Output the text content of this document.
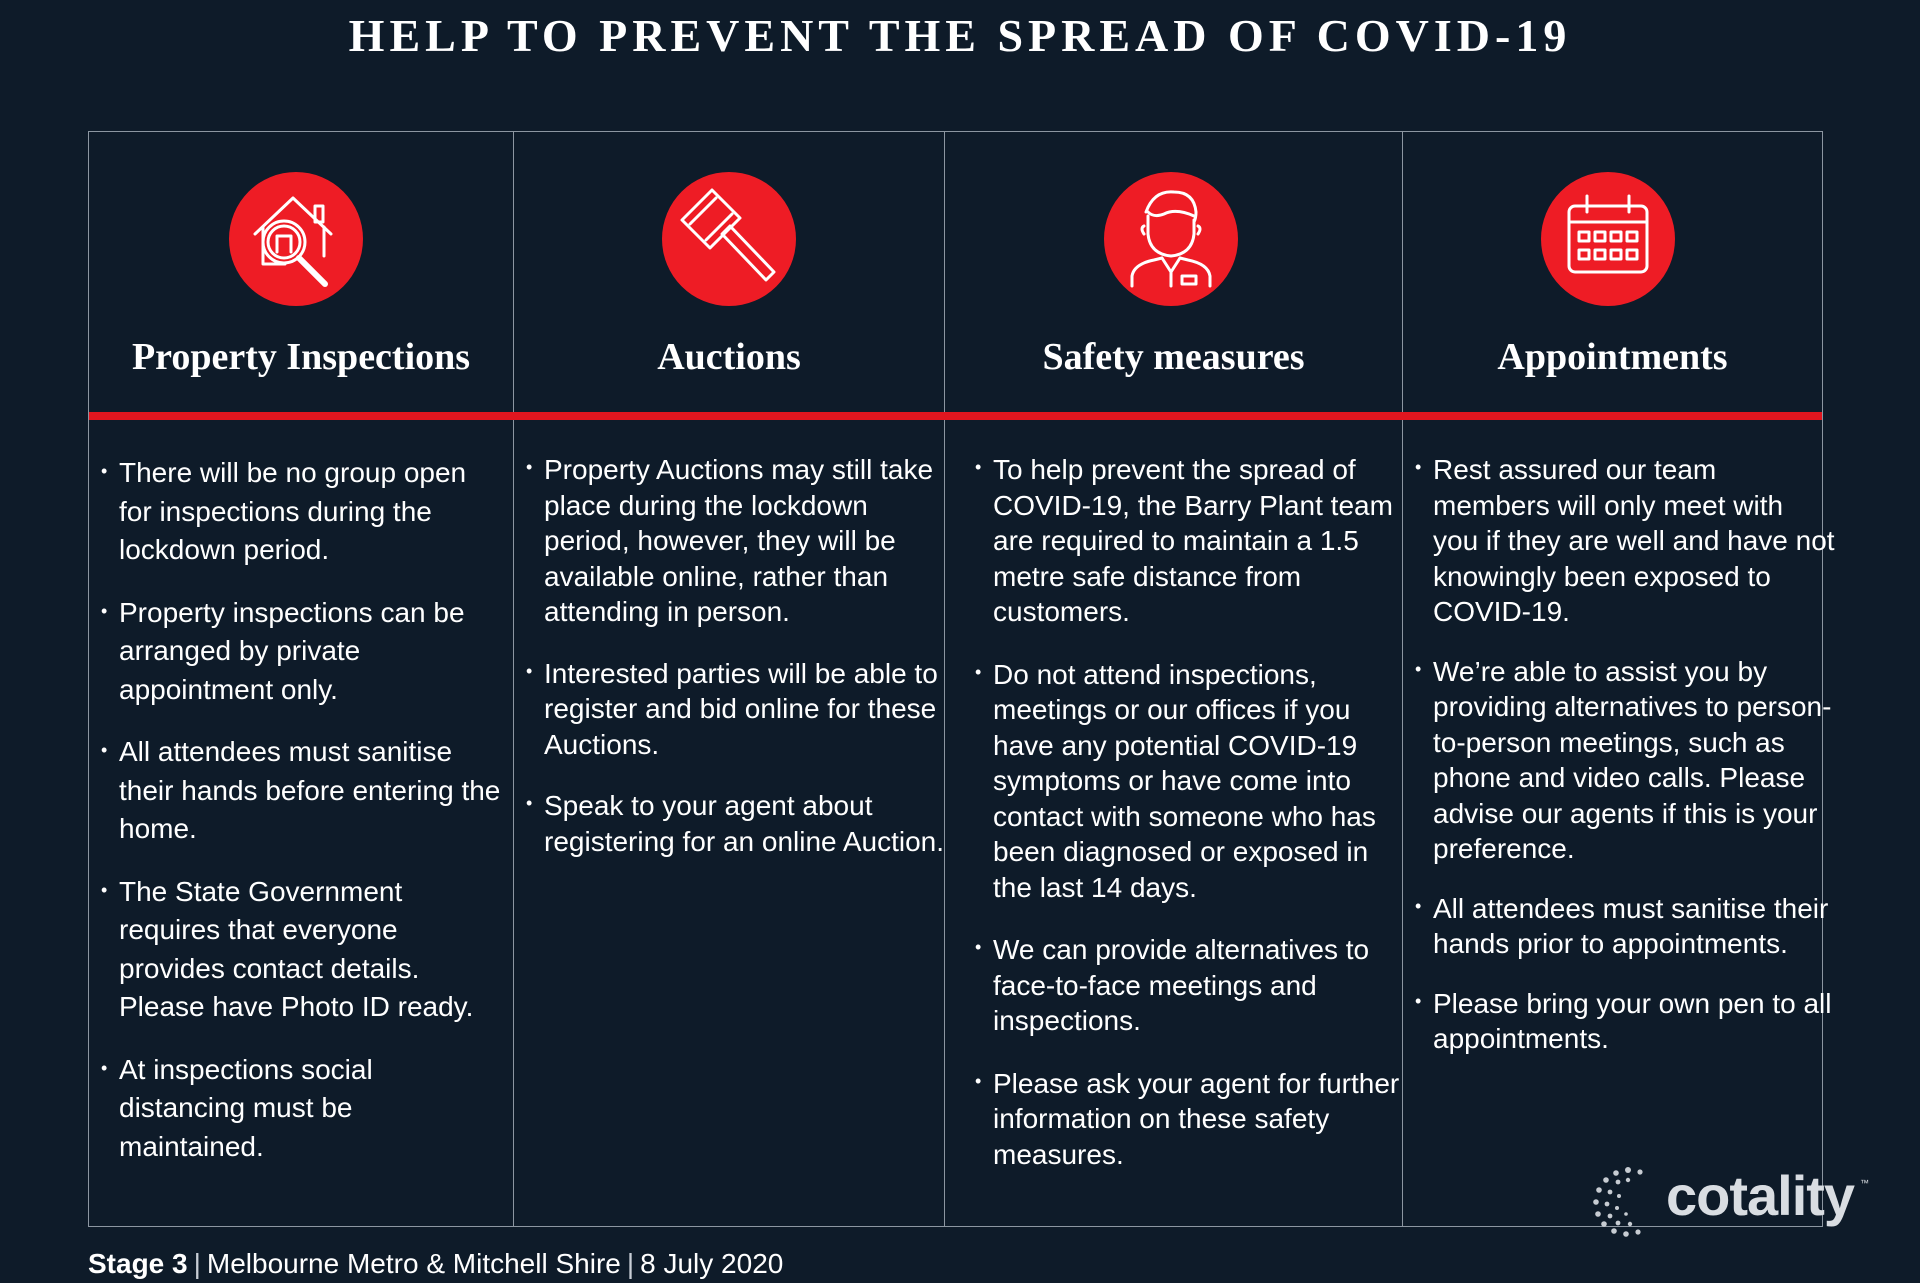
HELP TO PREVENT THE SPREAD OF COVID-19
Property Inspections
• There will be no group open for inspections during the lockdown period.
• Property inspections can be arranged by private appointment only.
• All attendees must sanitise their hands before entering the home.
• The State Government requires that everyone provides contact details. Please have Photo ID ready.
• At inspections social distancing must be maintained.
Auctions
• Property Auctions may still take place during the lockdown period, however, they will be available online, rather than attending in person.
• Interested parties will be able to register and bid online for these Auctions.
• Speak to your agent about registering for an online Auction.
Safety measures
• To help prevent the spread of COVID-19, the Barry Plant team are required to maintain a 1.5 metre safe distance from customers.
• Do not attend inspections, meetings or our offices if you have any potential COVID-19 symptoms or have come into contact with someone who has been diagnosed or exposed in the last 14 days.
• We can provide alternatives to face-to-face meetings and inspections.
• Please ask your agent for further information on these safety measures.
Appointments
• Rest assured our team members will only meet with you if they are well and have not knowingly been exposed to COVID-19.
• We’re able to assist you by providing alternatives to person-to-person meetings, such as phone and video calls. Please advise our agents if this is your preference.
• All attendees must sanitise their hands prior to appointments.
• Please bring your own pen to all appointments.
cotality ™
Stage 3 | Melbourne Metro & Mitchell Shire | 8 July 2020
